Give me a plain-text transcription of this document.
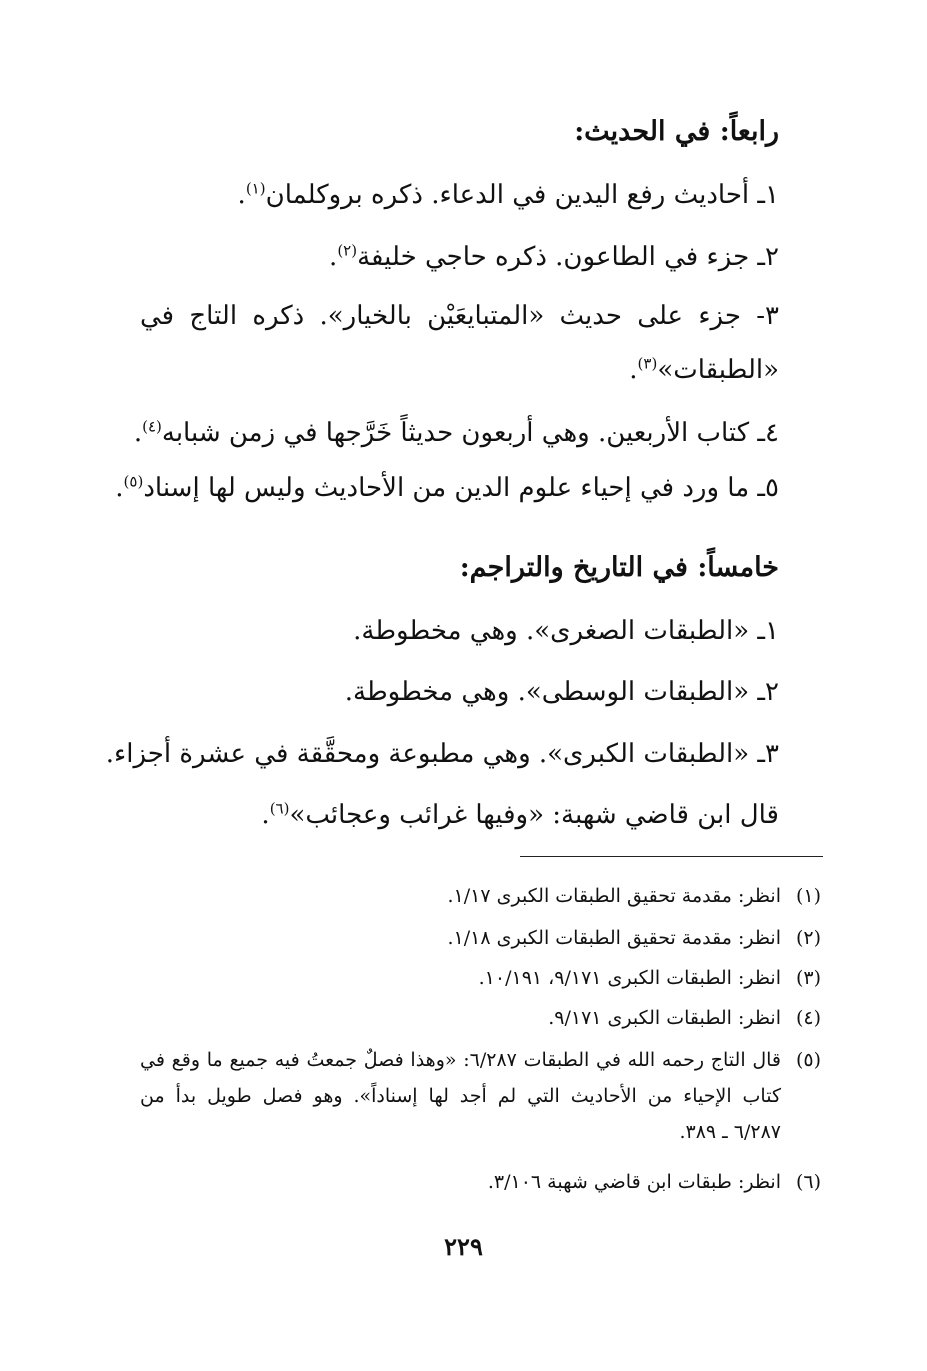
رابعاً: في الحديث:
١ـ أحاديث رفع اليدين في الدعاء. ذكره بروكلمان$^{(١)}$.
٢ـ جزء في الطاعون. ذكره حاجي خليفة$^{(٢)}$.
٣- جزء على حديث «المتبايعَيْن بالخيار». ذكره التاج في
«الطبقات»$^{(٣)}$.
٤ـ كتاب الأربعين. وهي أربعون حديثاً خَرَّجها في زمن شبابه$^{(٤)}$.
٥ـ ما ورد في إحياء علوم الدين من الأحاديث وليس لها إسناد$^{(٥)}$.
خامساً: في التاريخ والتراجم:
١ـ «الطبقات الصغرى». وهي مخطوطة.
٢ـ «الطبقات الوسطى». وهي مخطوطة.
٣ـ «الطبقات الكبرى». وهي مطبوعة ومحقَّقة في عشرة أجزاء.
قال ابن قاضي شهبة: «وفيها غرائب وعجائب»$^{(٦)}$.
(١)انظر: مقدمة تحقيق الطبقات الكبرى ١/١٧.
(٢)انظر: مقدمة تحقيق الطبقات الكبرى ١/١٨.
(٣)انظر: الطبقات الكبرى ٩/١٧١، ١٠/١٩١.
(٤)انظر: الطبقات الكبرى ٩/١٧١.
(٥)قال التاج رحمه الله في الطبقات ٦/٢٨٧: «وهذا فصلٌ جمعتُ فيه جميع ما وقع في
كتاب الإحياء من الأحاديث التي لم أجد لها إسناداً». وهو فصل طويل بدأ من
٦/٢٨٧ ـ ٣٨٩.
(٦)انظر: طبقات ابن قاضي شهبة ٣/١٠٦.
٢٢٩
